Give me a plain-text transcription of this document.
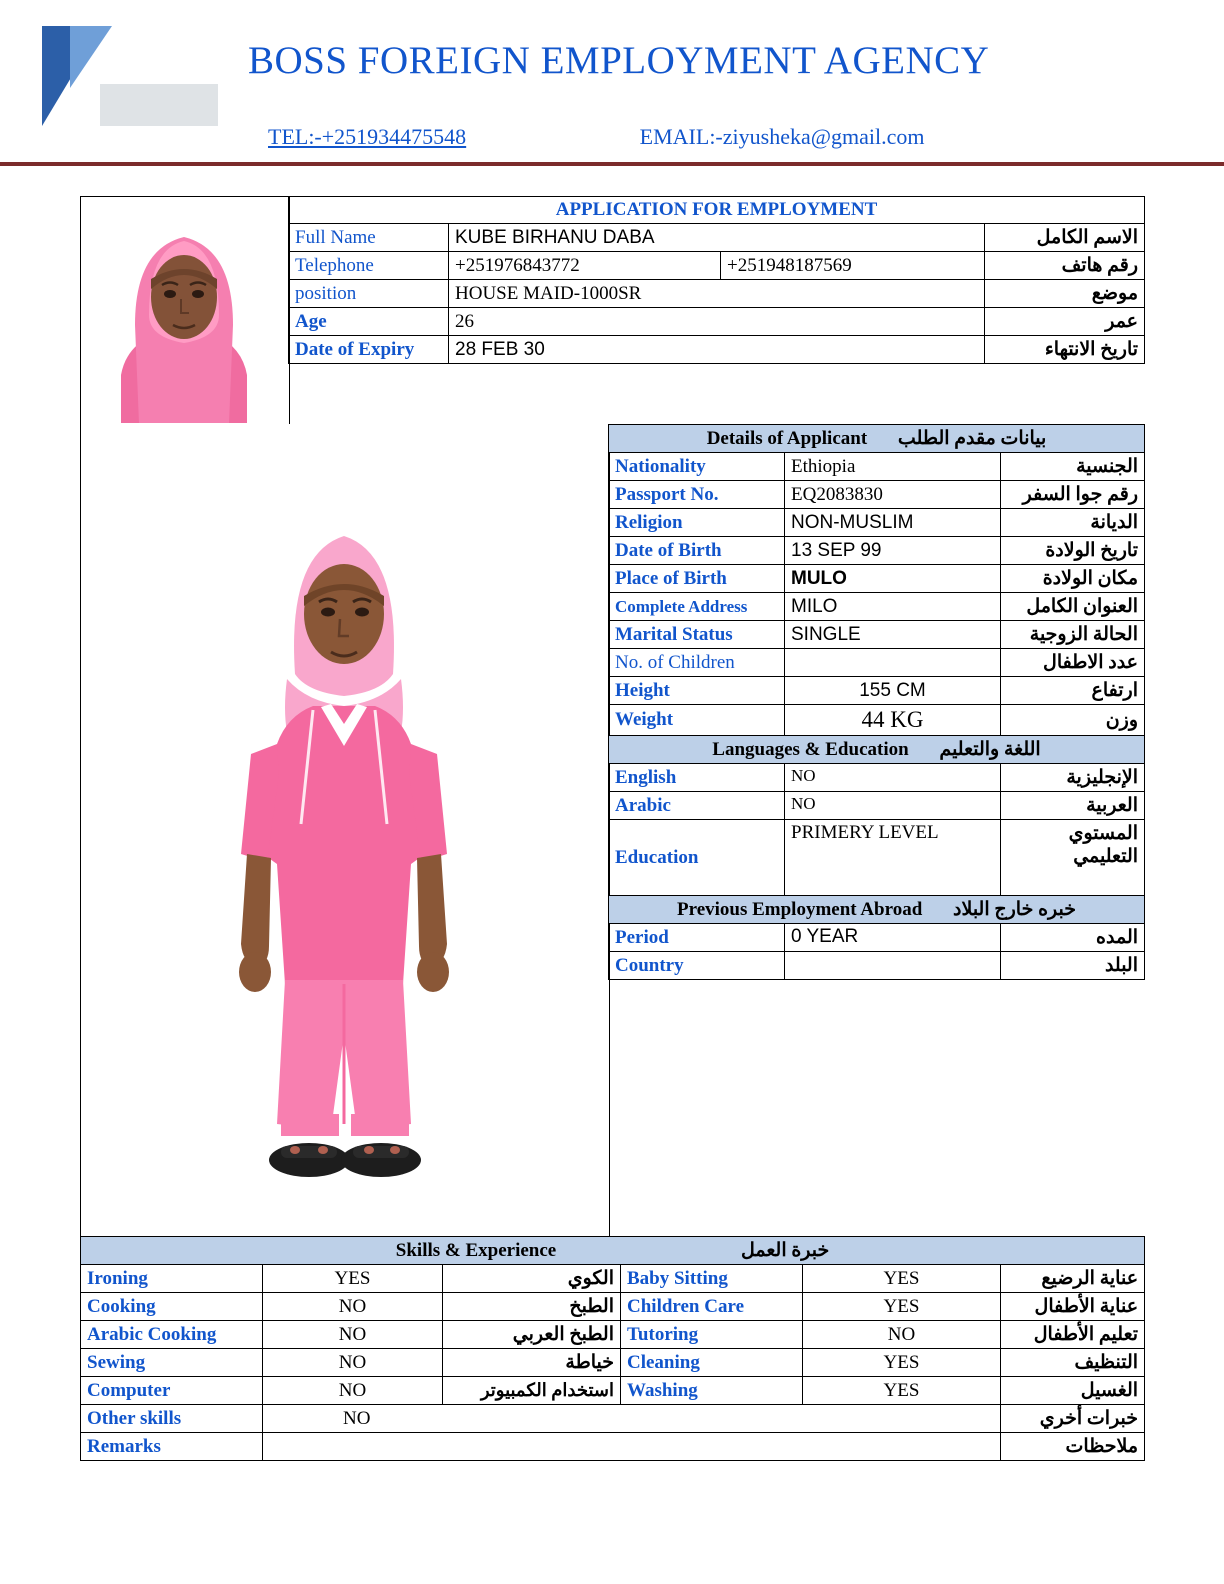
BOSS FOREIGN EMPLOYMENT AGENCY
TEL:-+251934475548	EMAIL:-ziyusheka@gmail.com
APPLICATION FOR EMPLOYMENT			
Full Name	KUBE BIRHANU DABA		الاسم الكامل
Telephone	+251976843772	+251948187569	رقم هاتف
position	HOUSE MAID-1000SR		موضع
Age	26		عمر
Date of Expiry	28 FEB 30		تاريخ الانتهاء
Details of Applicant بيانات مقدم الطلب		
Nationality	Ethiopia	الجنسية
Passport No.	EQ2083830	رقم جوا السفر
Religion	NON-MUSLIM	الديانة
Date of Birth	13 SEP 99	تاريخ الولادة
Place of Birth	MULO	مكان الولادة
Complete Address	MILO	العنوان الكامل
Marital Status	SINGLE	الحالة الزوجية
No. of Children		عدد الاطفال
Height	155 CM	ارتفاع
Weight	44 KG	وزن
Languages & Education اللغة والتعليم		
English	NO	الإنجليزية
Arabic	NO	العربية
Education	PRIMERY LEVEL	المستوي التعليمي
Previous Employment Abroad خبره خارج البلاد		
Period	0 YEAR	المده
Country		البلد
Skills & Experience خبرة العمل					
Ironing	YES	الكوي	Baby Sitting	YES	عناية الرضيع
Cooking	NO	الطبخ	Children Care	YES	عناية الأطفال
Arabic Cooking	NO	الطبخ العربي	Tutoring	NO	تعليم الأطفال
Sewing	NO	خياطة	Cleaning	YES	التنظيف
Computer	NO	استخدام الكمبيوتر	Washing	YES	الغسيل
Other skills	NO				خبرات أخري
Remarks					ملاحظات
